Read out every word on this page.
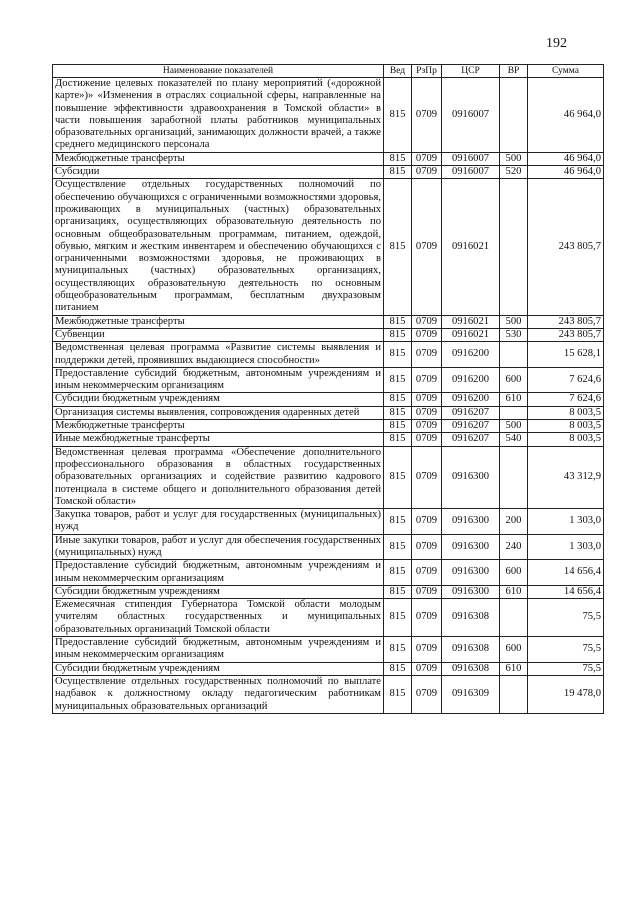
192
Наименование показателей	Вед	РзПр	ЦСР	ВР	Сумма
Достижение целевых показателей по плану мероприятий («дорожной карте»)» «Изменения в отраслях социальной сферы, направленные на повышение эффективности здравоохранения в Томской области» в части повышения заработной платы работников муниципальных образовательных организаций, занимающих должности врачей, а также среднего медицинского персонала	815	0709	0916007		46 964,0
Межбюджетные трансферты	815	0709	0916007	500	46 964,0
Субсидии	815	0709	0916007	520	46 964,0
Осуществление отдельных государственных полномочий по обеспечению обучающихся с ограниченными возможностями здоровья, проживающих в муниципальных (частных) образовательных организациях, осуществляющих образовательную деятельность по основным общеобразовательным программам, питанием, одеждой, обувью, мягким и жестким инвентарем и обеспечению обучающихся с ограниченными возможностями здоровья, не проживающих в муниципальных (частных) образовательных организациях, осуществляющих образовательную деятельность по основным общеобразовательным программам, бесплатным двухразовым питанием	815	0709	0916021		243 805,7
Межбюджетные трансферты	815	0709	0916021	500	243 805,7
Субвенции	815	0709	0916021	530	243 805,7
Ведомственная целевая программа «Развитие системы выявления и поддержки детей, проявивших выдающиеся способности»	815	0709	0916200		15 628,1
Предоставление субсидий бюджетным, автономным учреждениям и иным некоммерческим организациям	815	0709	0916200	600	7 624,6
Субсидии бюджетным учреждениям	815	0709	0916200	610	7 624,6
Организация системы выявления, сопровождения одаренных детей	815	0709	0916207		8 003,5
Межбюджетные трансферты	815	0709	0916207	500	8 003,5
Иные межбюджетные трансферты	815	0709	0916207	540	8 003,5
Ведомственная целевая программа «Обеспечение дополнительного профессионального образования в областных государственных образовательных организациях и содействие развитию кадрового потенциала в системе общего и дополнительного образования детей Томской области»	815	0709	0916300		43 312,9
Закупка товаров, работ и услуг для государственных (муниципальных) нужд	815	0709	0916300	200	1 303,0
Иные закупки товаров, работ и услуг для обеспечения государственных (муниципальных) нужд	815	0709	0916300	240	1 303,0
Предоставление субсидий бюджетным, автономным учреждениям и иным некоммерческим организациям	815	0709	0916300	600	14 656,4
Субсидии бюджетным учреждениям	815	0709	0916300	610	14 656,4
Ежемесячная стипендия Губернатора Томской области молодым учителям областных государственных и муниципальных образовательных организаций Томской области	815	0709	0916308		75,5
Предоставление субсидий бюджетным, автономным учреждениям и иным некоммерческим организациям	815	0709	0916308	600	75,5
Субсидии бюджетным учреждениям	815	0709	0916308	610	75,5
Осуществление отдельных государственных полномочий по выплате надбавок к должностному окладу педагогическим работникам муниципальных образовательных организаций	815	0709	0916309		19 478,0
